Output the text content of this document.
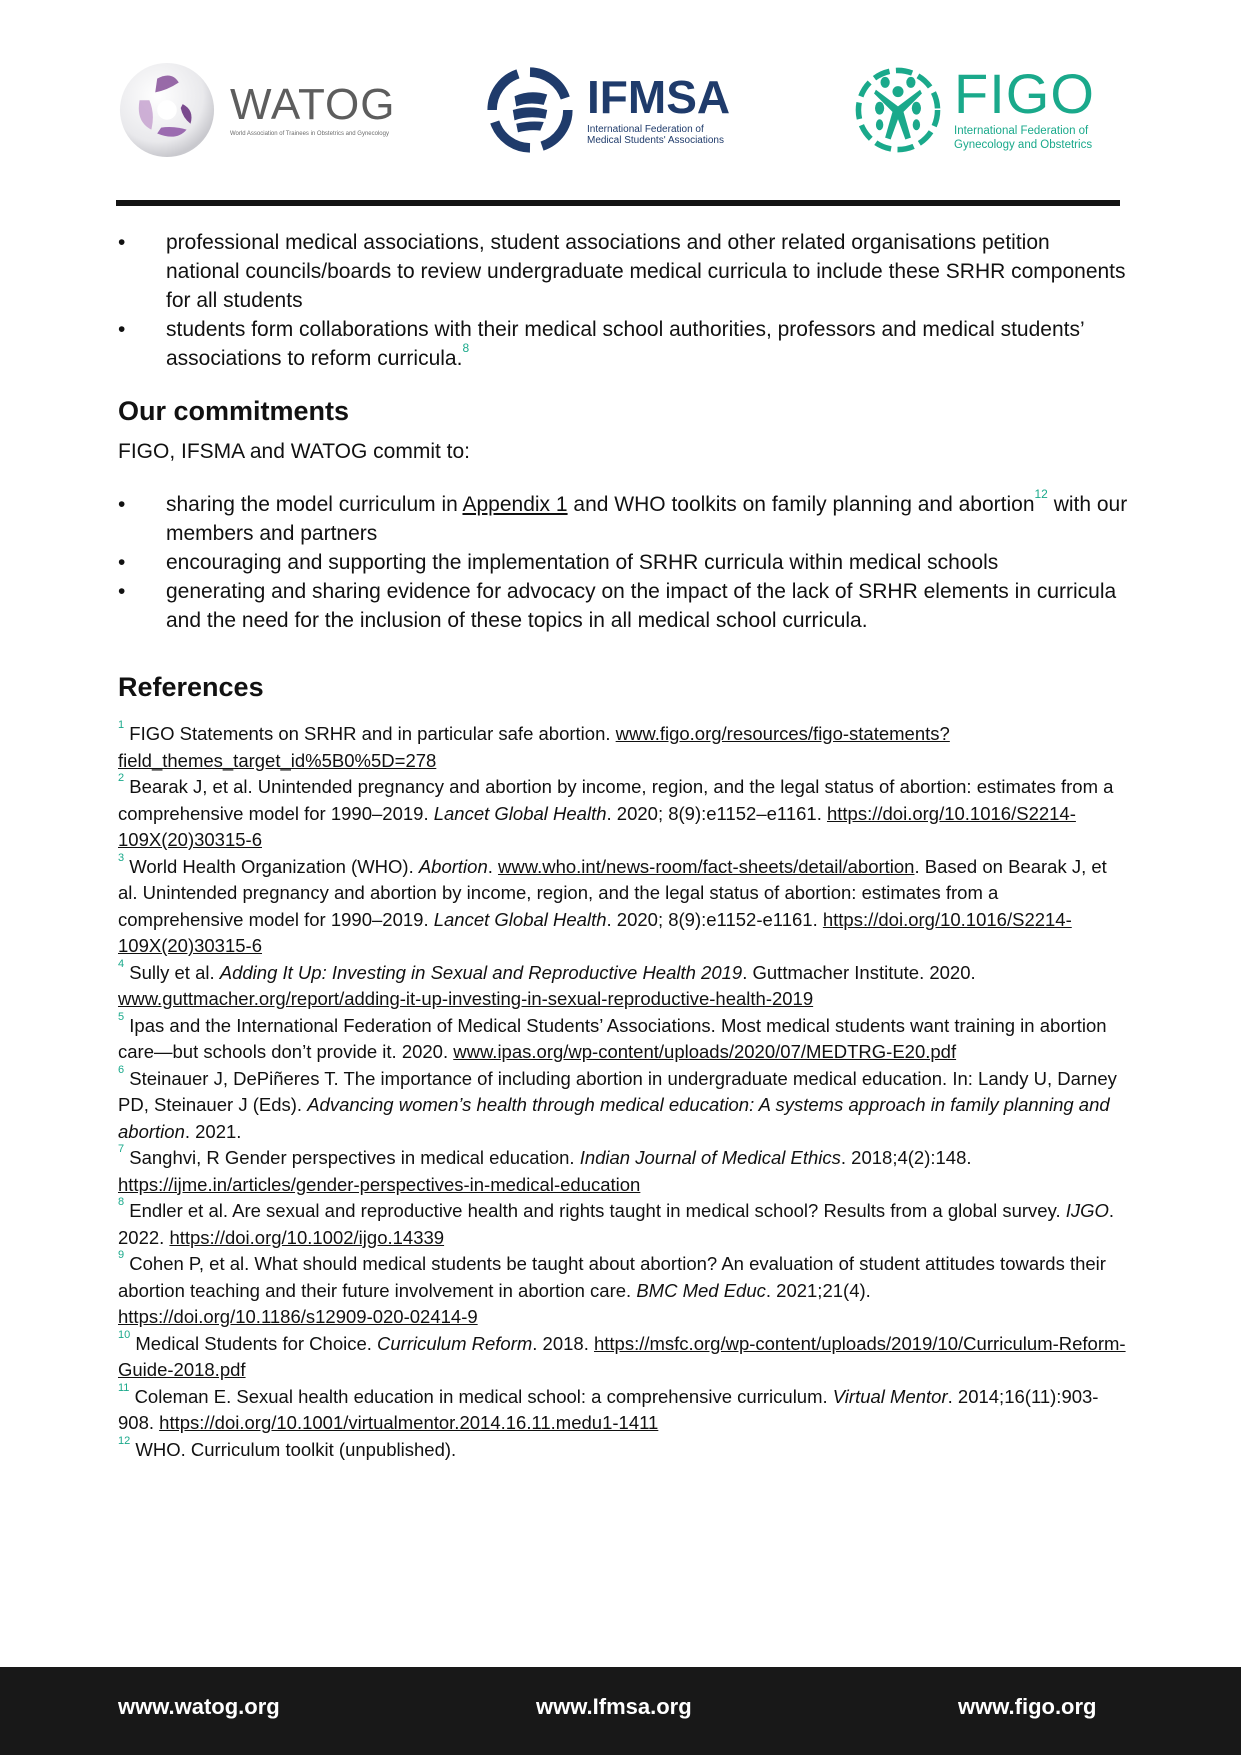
WATOG
World Association of Trainees in Obstetrics and Gynecology
IFMSA
International Federation of
Medical Students' Associations
FIGO
International Federation of
Gynecology and Obstetrics
• professional medical associations, student associations and other related organisations petition national councils/boards to review undergraduate medical curricula to include these SRHR components for all students
• students form collaborations with their medical school authorities, professors and medical students’ associations to reform curricula.$^8$
Our commitments

FIGO, IFSMA and WATOG commit to:

• sharing the model curriculum in Appendix 1 and WHO toolkits on family planning and abortion$^{12}$ with our members and partners
• encouraging and supporting the implementation of SRHR curricula within medical schools
• generating and sharing evidence for advocacy on the impact of the lack of SRHR elements in curricula and the need for the inclusion of these topics in all medical school curricula.
References
$^1$ FIGO Statements on SRHR and in particular safe abortion. www.figo.org/resources/figo-statements?field_themes_target_id%5B0%5D=278
$^2$ Bearak J, et al. Unintended pregnancy and abortion by income, region, and the legal status of abortion: estimates from a comprehensive model for 1990–2019. Lancet Global Health. 2020; 8(9):e1152–e1161. https://doi.org/10.1016/S2214-109X(20)30315-6
$^3$ World Health Organization (WHO). Abortion. www.who.int/news-room/fact-sheets/detail/abortion. Based on Bearak J, et al. Unintended pregnancy and abortion by income, region, and the legal status of abortion: estimates from a comprehensive model for 1990–2019. Lancet Global Health. 2020; 8(9):e1152-e1161. https://doi.org/10.1016/S2214-109X(20)30315-6
$^4$ Sully et al. Adding It Up: Investing in Sexual and Reproductive Health 2019. Guttmacher Institute. 2020. www.guttmacher.org/report/adding-it-up-investing-in-sexual-reproductive-health-2019
$^5$ Ipas and the International Federation of Medical Students’ Associations. Most medical students want training in abortion care—but schools don’t provide it. 2020. www.ipas.org/wp-content/uploads/2020/07/MEDTRG-E20.pdf
$^6$ Steinauer J, DePiñeres T. The importance of including abortion in undergraduate medical education. In: Landy U, Darney PD, Steinauer J (Eds). Advancing women’s health through medical education: A systems approach in family planning and abortion. 2021.
$^7$ Sanghvi, R Gender perspectives in medical education. Indian Journal of Medical Ethics. 2018;4(2):148. https://ijme.in/articles/gender-perspectives-in-medical-education
$^8$ Endler et al. Are sexual and reproductive health and rights taught in medical school? Results from a global survey. IJGO. 2022. https://doi.org/10.1002/ijgo.14339
$^9$ Cohen P, et al. What should medical students be taught about abortion? An evaluation of student attitudes towards their abortion teaching and their future involvement in abortion care. BMC Med Educ. 2021;21(4). https://doi.org/10.1186/s12909-020-02414-9
$^{10}$ Medical Students for Choice. Curriculum Reform. 2018. https://msfc.org/wp-content/uploads/2019/10/Curriculum-Reform-Guide-2018.pdf
$^{11}$ Coleman E. Sexual health education in medical school: a comprehensive curriculum. Virtual Mentor. 2014;16(11):903-908. https://doi.org/10.1001/virtualmentor.2014.16.11.medu1-1411
$^{12}$ WHO. Curriculum toolkit (unpublished).
www.watog.org	www.Ifmsa.org	www.figo.org
